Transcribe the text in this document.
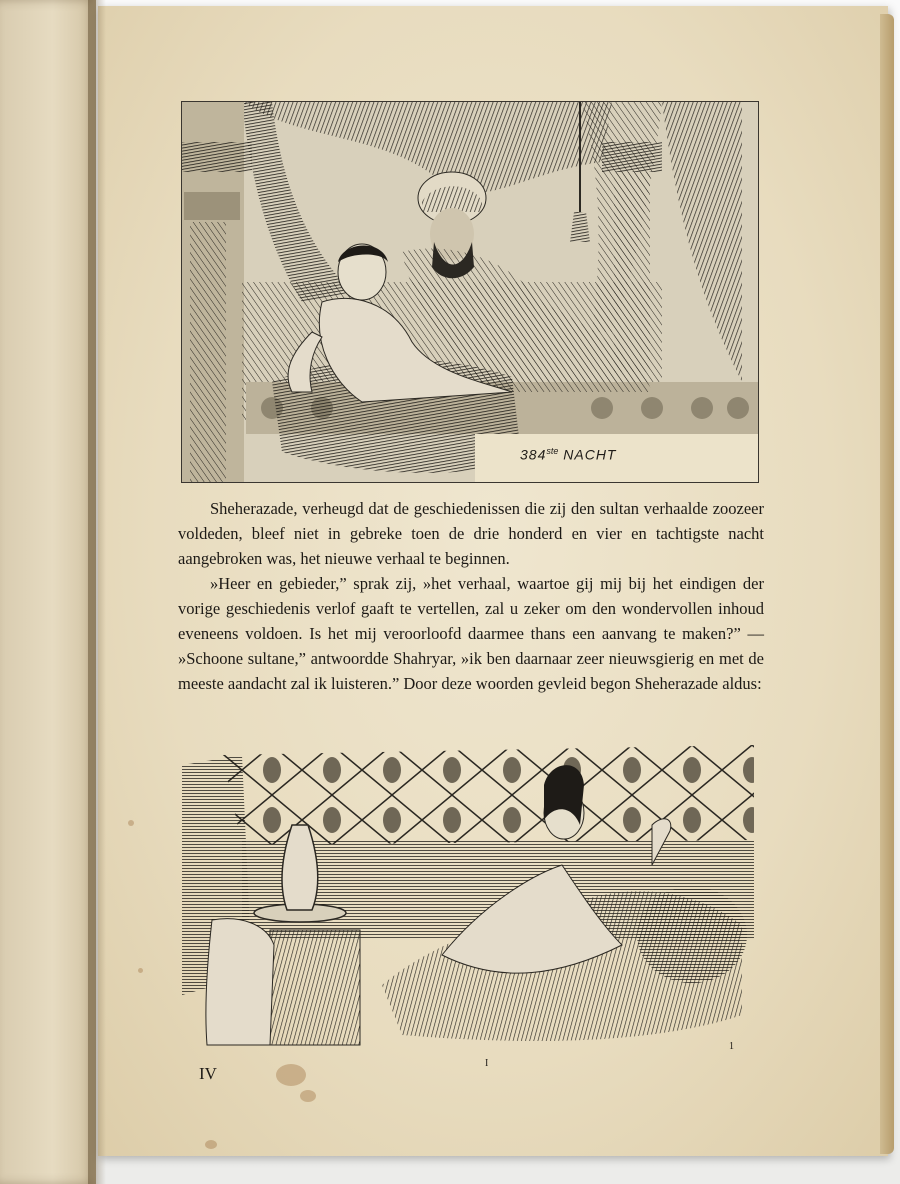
384ste NACHT

Sheherazade, verheugd dat de geschiedenissen die zij den sultan verhaalde zoozeer voldeden, bleef niet in gebreke toen de drie honderd en vier en tachtigste nacht aangebroken was, het nieuwe verhaal te beginnen.

»Heer en gebieder,” sprak zij, »het verhaal, waartoe gij mij bij het eindigen der vorige geschiedenis verlof gaaft te vertellen, zal u zeker om den wondervollen inhoud eveneens voldoen. Is het mij veroorloofd daarmee thans een aanvang te maken?” — »Schoone sultane,” antwoordde Shahryar, »ik ben daarnaar zeer nieuwsgierig en met de meeste aandacht zal ik luisteren.” Door deze woorden gevleid begon Sheherazade aldus:

IV
I
1
